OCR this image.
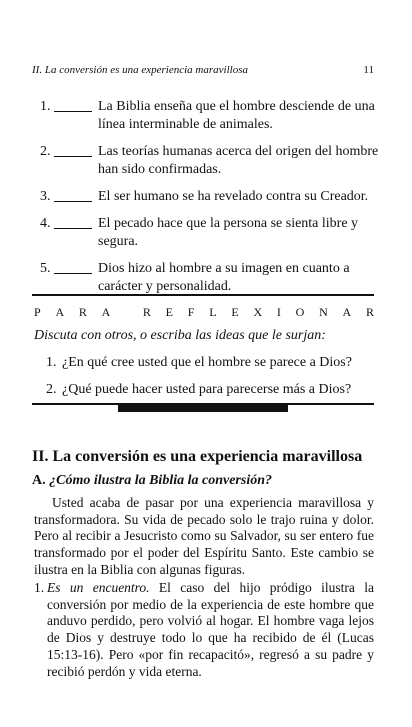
II. La conversión es una experiencia maravillosa	11
1.	La Biblia enseña que el hombre desciende de una línea interminable de animales.
2.	Las teorías humanas acerca del origen del hombre han sido confirmadas.
3.	El ser humano se ha revelado contra su Creador.
4.	El pecado hace que la persona se sienta libre y segura.
5.	Dios hizo al hombre a su imagen en cuanto a carácter y personalidad.
P A R A
	R E F L E X I O N A R
Discuta con otros, o escriba las ideas que le surjan:
1. ¿En qué cree usted que el hombre se parece a Dios?
2. ¿Qué puede hacer usted para parecerse más a Dios?
II. La conversión es una experiencia maravillosa
A. ¿Cómo ilustra la Biblia la conversión?
Usted acaba de pasar por una experiencia maravillosa y transformadora. Su vida de pecado solo le trajo ruina y dolor. Pero al recibir a Jesucristo como su Salvador, su ser entero fue transformado por el poder del Espíritu Santo. Este cambio se ilustra en la Biblia con algunas figuras.
1. Es un encuentro. El caso del hijo pródigo ilustra la conversión por medio de la experiencia de este hombre que anduvo perdido, pero volvió al hogar. El hombre vaga lejos de Dios y destruye todo lo que ha recibido de él (Lucas 15:13-16). Pero «por fin recapacitó», regresó a su padre y recibió perdón y vida eterna.
